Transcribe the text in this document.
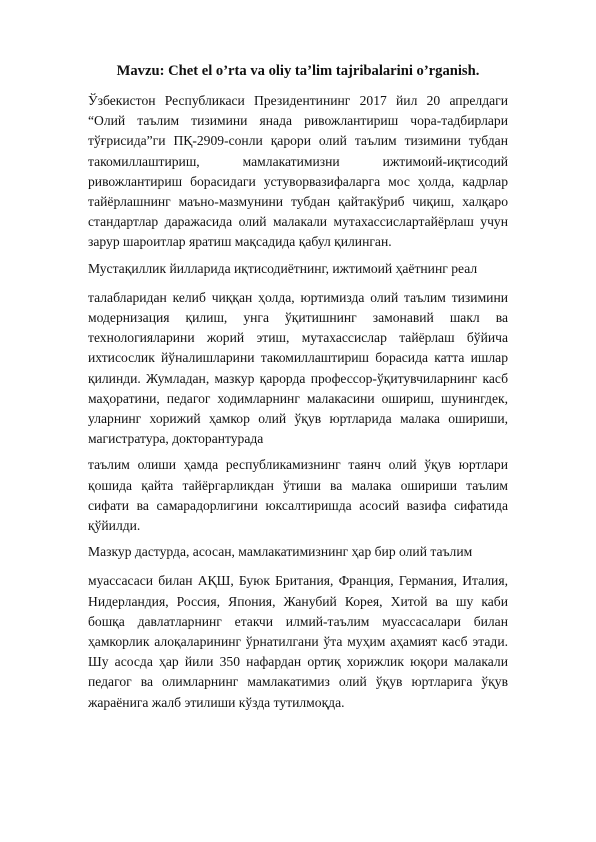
Mavzu: Chet el o’rta va oliy ta’lim tajribalarini o’rganish.

Ўзбекистон Республикаси Президентининг 2017 йил 20 апрелдаги “Олий таълим тизимини янада ривожлантириш чора-тадбирлари тўғрисида”ги ПҚ-2909-сонли қарори олий таълим тизимини тубдан такомиллаштириш, мамлакатимизни ижтимоий-иқтисодий ривожлантириш борасидаги устуворвазифаларга мос ҳолда, кадрлар тайёрлашнинг маъно-мазмунини тубдан қайтакўриб чиқиш, халқаро стандартлар даражасида олий малакали мутахассислартайёрлаш учун зарур шароитлар яратиш мақсадида қабул қилинган.

Мустақиллик йилларида иқтисодиётнинг, ижтимоий ҳаётнинг реал

талабларидан келиб чиққан ҳолда, юртимизда олий таълим тизимини модернизация қилиш, унга ўқитишнинг замонавий шакл ва технологияларини жорий этиш, мутахассислар тайёрлаш бўйича ихтисослик йўналишларини такомиллаштириш борасида катта ишлар қилинди. Жумладан, мазкур қарорда профессор-ўқитувчиларнинг касб маҳоратини, педагог ходимларнинг малакасини ошириш, шунингдек, уларнинг хорижий ҳамкор олий ўқув юртларида малака ошириши, магистратура, докторантурада

таълим олиши ҳамда республикамизнинг таянч олий ўқув юртлари қошида қайта тайёргарликдан ўтиши ва малака ошириши таълим сифати ва самарадорлигини юксалтиришда асосий вазифа сифатида қўйилди.

Мазкур дастурда, асосан, мамлакатимизнинг ҳар бир олий таълим

муассасаси билан АҚШ, Буюк Британия, Франция, Германия, Италия, Нидерландия, Россия, Япония, Жанубий Корея, Хитой ва шу каби бошқа давлатларнинг етакчи илмий-таълим муассасалари билан ҳамкорлик алоқаларининг ўрнатилгани ўта муҳим аҳамият касб этади. Шу асосда ҳар йили 350 нафардан ортиқ хорижлик юқори малакали педагог ва олимларнинг мамлакатимиз олий ўқув юртларига ўқув жараёнига жалб этилиши кўзда тутилмоқда.
